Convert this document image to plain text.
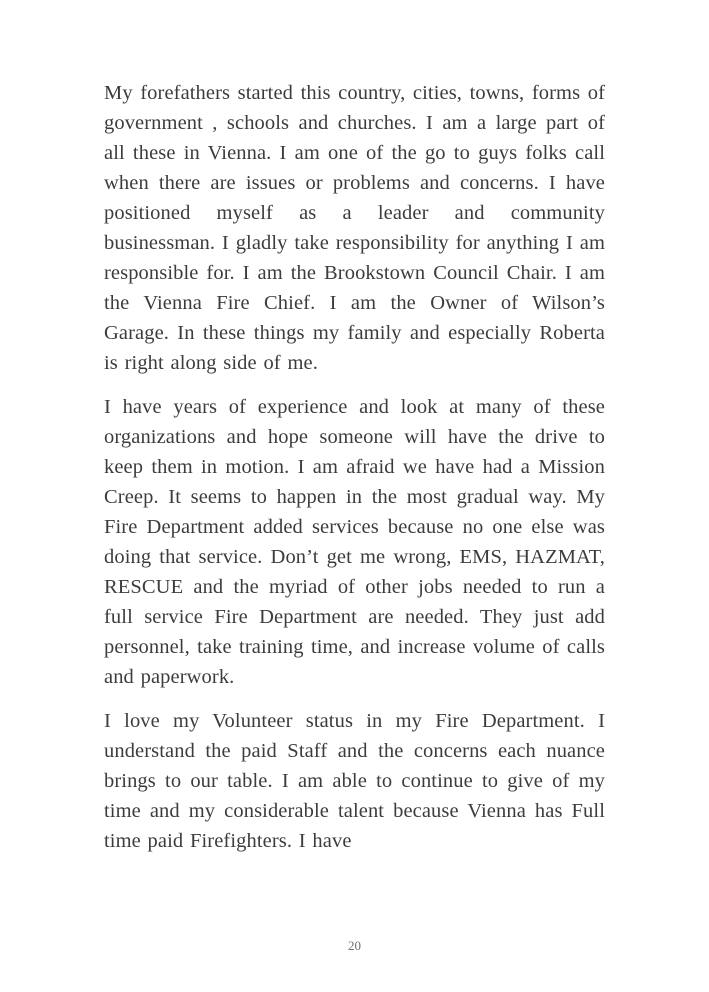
My forefathers started this country, cities, towns, forms of government , schools and churches. I am a large part of all these in Vienna. I am one of the go to guys folks call when there are issues or problems and concerns. I have positioned myself as a leader and community businessman. I gladly take responsibility for anything I am responsible for. I am the Brookstown Council Chair. I am the Vienna Fire Chief. I am the Owner of Wilson’s Garage. In these things my family and especially Roberta is right along side of me.

I have years of experience and look at many of these organizations and hope someone will have the drive to keep them in motion. I am afraid we have had a Mission Creep. It seems to happen in the most gradual way. My Fire Department added services because no one else was doing that service. Don’t get me wrong, EMS, HAZMAT, RESCUE and the myriad of other jobs needed to run a full service Fire Department are needed. They just add personnel, take training time, and increase volume of calls and paperwork.

I love my Volunteer status in my Fire Department. I understand the paid Staff and the concerns each nuance brings to our table. I am able to continue to give of my time and my considerable talent because Vienna has Full time paid Firefighters. I have

20
